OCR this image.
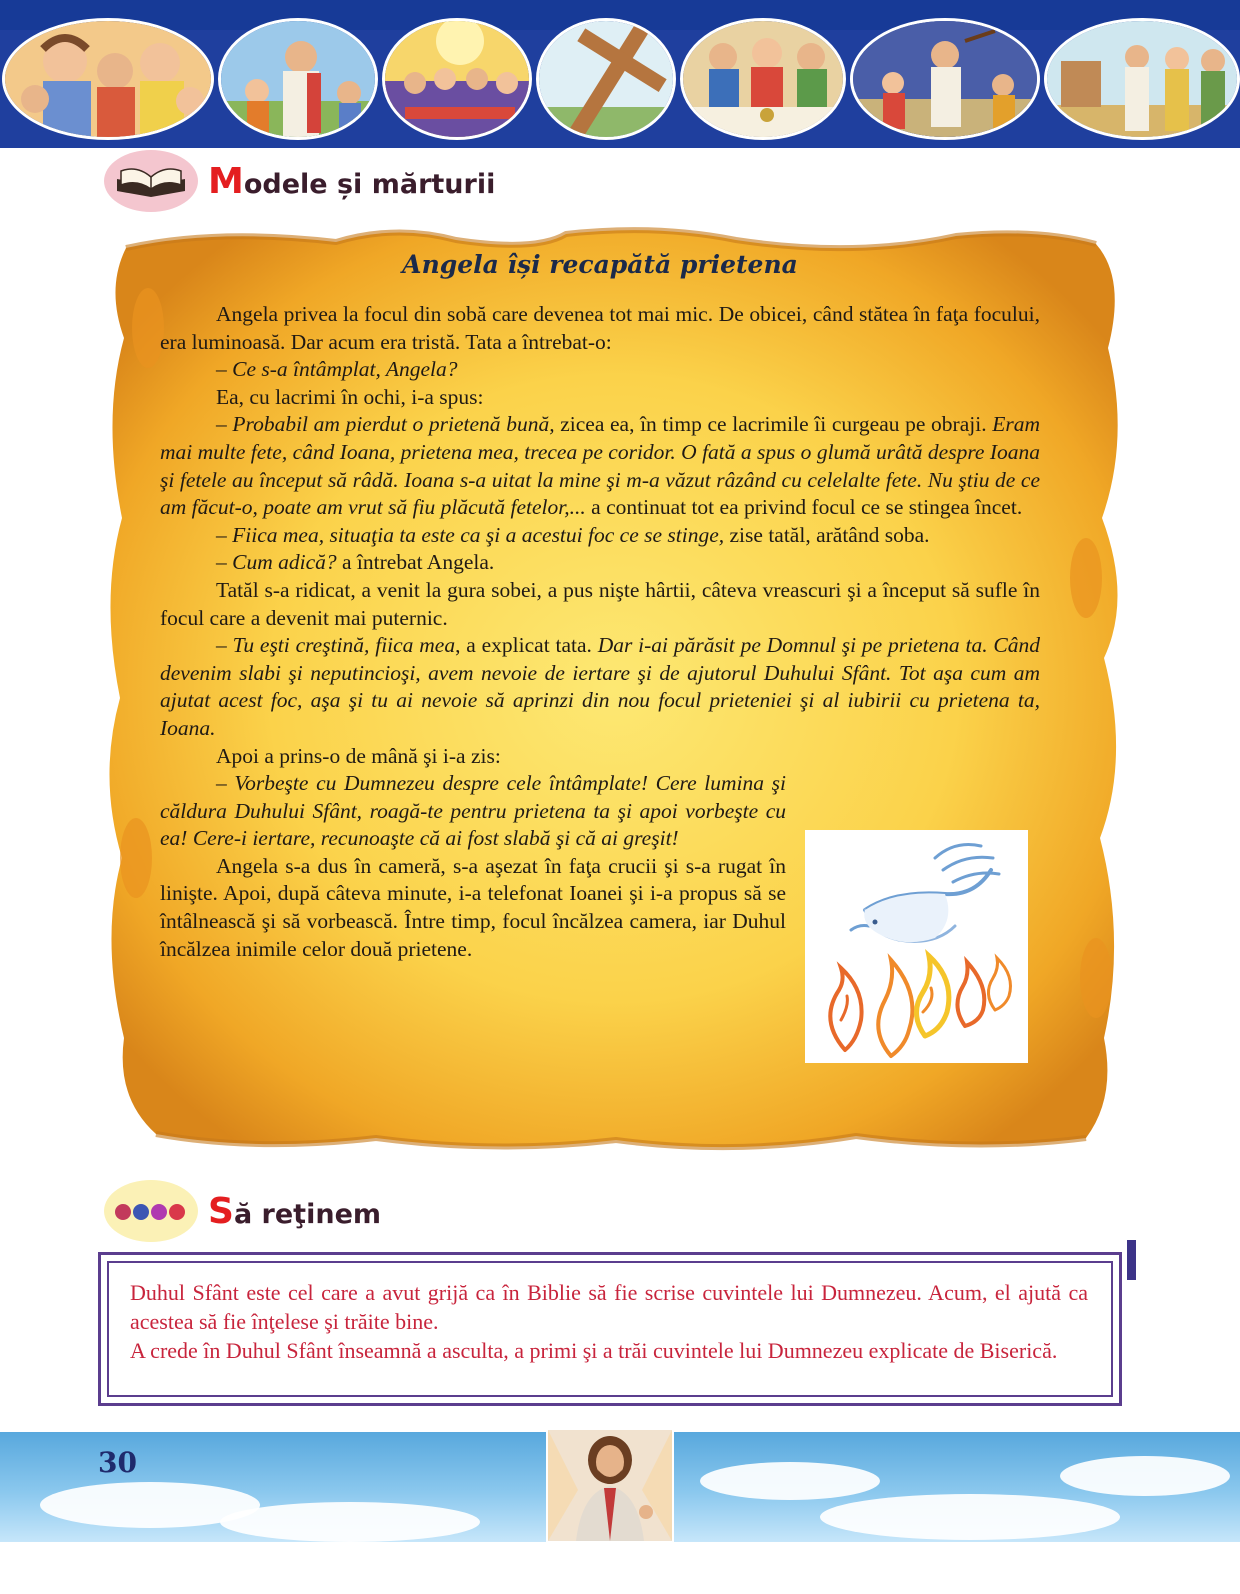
Modele și mărturii
Angela își recapătă prietena

Angela privea la focul din sobă care devenea tot mai mic. De obicei, când stătea în faţa focului, era luminoasă. Dar acum era tristă. Tata a întrebat-o:

– Ce s-a întâmplat, Angela?

Ea, cu lacrimi în ochi, i-a spus:

– Probabil am pierdut o prietenă bună, zicea ea, în timp ce lacrimile îi curgeau pe obraji. Eram mai multe fete, când Ioana, prietena mea, trecea pe coridor. O fată a spus o glumă urâtă despre Ioana şi fetele au început să râdă. Ioana s-a uitat la mine şi m-a văzut râzând cu celelalte fete. Nu ştiu de ce am făcut-o, poate am vrut să fiu plăcută fetelor,... a continuat tot ea privind focul ce se stingea încet.

– Fiica mea, situaţia ta este ca şi a acestui foc ce se stinge, zise tatăl, arătând soba.

– Cum adică? a întrebat Angela.

Tatăl s-a ridicat, a venit la gura sobei, a pus nişte hârtii, câteva vreascuri şi a început să sufle în focul care a devenit mai puternic.

– Tu eşti creştină, fiica mea, a explicat tata. Dar i-ai părăsit pe Domnul şi pe prietena ta. Când devenim slabi şi neputincioşi, avem nevoie de iertare şi de ajutorul Duhului Sfânt. Tot aşa cum am ajutat acest foc, aşa şi tu ai nevoie să aprinzi din nou focul prieteniei şi al iubirii cu prietena ta, Ioana.

Apoi a prins-o de mână şi i-a zis:

– Vorbeşte cu Dumnezeu despre cele întâmplate! Cere lumina şi căldura Duhului Sfânt, roagă-te pentru prietena ta şi apoi vorbeşte cu ea! Cere-i iertare, recunoaşte că ai fost slabă şi că ai greşit!

Angela s-a dus în cameră, s-a aşezat în faţa crucii şi s-a rugat în linişte. Apoi, după câteva minute, i-a telefonat Ioanei şi i-a propus să se întâlnească şi să vorbească. Între timp, focul încălzea camera, iar Duhul încălzea inimile celor două prietene.

Să reţinem

Duhul Sfânt este cel care a avut grijă ca în Biblie să fie scrise cuvintele lui Dumnezeu. Acum, el ajută ca acestea să fie înţelese şi trăite bine.

A crede în Duhul Sfânt înseamnă a asculta, a primi şi a trăi cuvintele lui Dumnezeu explicate de Biserică.

30
